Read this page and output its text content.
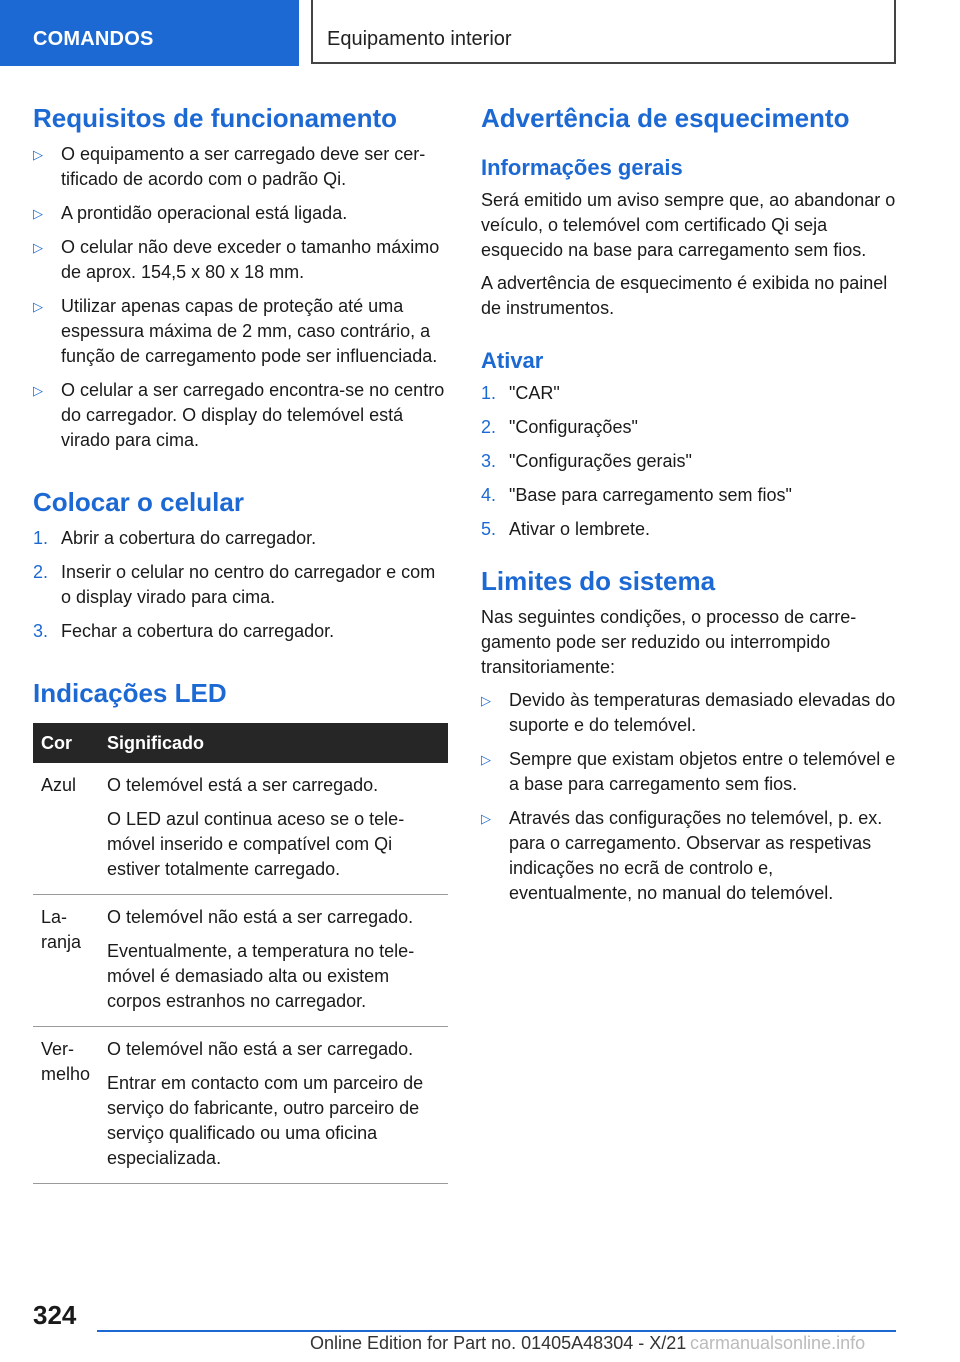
COMANDOS	Equipamento interior
Requisitos de funcionamento
▷ O equipamento a ser carregado deve ser certificado de acordo com o padrão Qi.
▷ A prontidão operacional está ligada.
▷ O celular não deve exceder o tamanho máximo de aprox. 154,5 x 80 x 18 mm.
▷ Utilizar apenas capas de proteção até uma espessura máxima de 2 mm, caso contrário, a função de carregamento pode ser influenciada.
▷ O celular a ser carregado encontra-se no centro do carregador. O display do telemóvel está virado para cima.
Colocar o celular
1. Abrir a cobertura do carregador.
2. Inserir o celular no centro do carregador e com o display virado para cima.
3. Fechar a cobertura do carregador.
Indicações LED
Cor	Significado
Azul	O telemóvel está a ser carregado.

O LED azul continua aceso se o telemóvel inserido e compatível com Qi estiver totalmente carregado.

Laranja	O telemóvel não está a ser carregado.

Eventualmente, a temperatura no telemóvel é demasiado alta ou existem corpos estranhos no carregador.

Vermelho	O telemóvel não está a ser carregado.

Entrar em contacto com um parceiro de serviço do fabricante, outro parceiro de serviço qualificado ou uma oficina especializada.

Advertência de esquecimento
Informações gerais

Será emitido um aviso sempre que, ao abandonar o veículo, o telemóvel com certificado Qi seja esquecido na base para carregamento sem fios.

A advertência de esquecimento é exibida no painel de instrumentos.

Ativar
1. "CAR"
2. "Configurações"
3. "Configurações gerais"
4. "Base para carregamento sem fios"
5. Ativar o lembrete.
Limites do sistema

Nas seguintes condições, o processo de carregamento pode ser reduzido ou interrompido transitoriamente:

▷ Devido às temperaturas demasiado elevadas do suporte e do telemóvel.
▷ Sempre que existam objetos entre o telemóvel e a base para carregamento sem fios.
▷ Através das configurações no telemóvel, p. ex. para o carregamento. Observar as respetivas indicações no ecrã de controlo e, eventualmente, no manual do telemóvel.
324
Online Edition for Part no. 01405A48304 - X/21 carmanualsonline.info
